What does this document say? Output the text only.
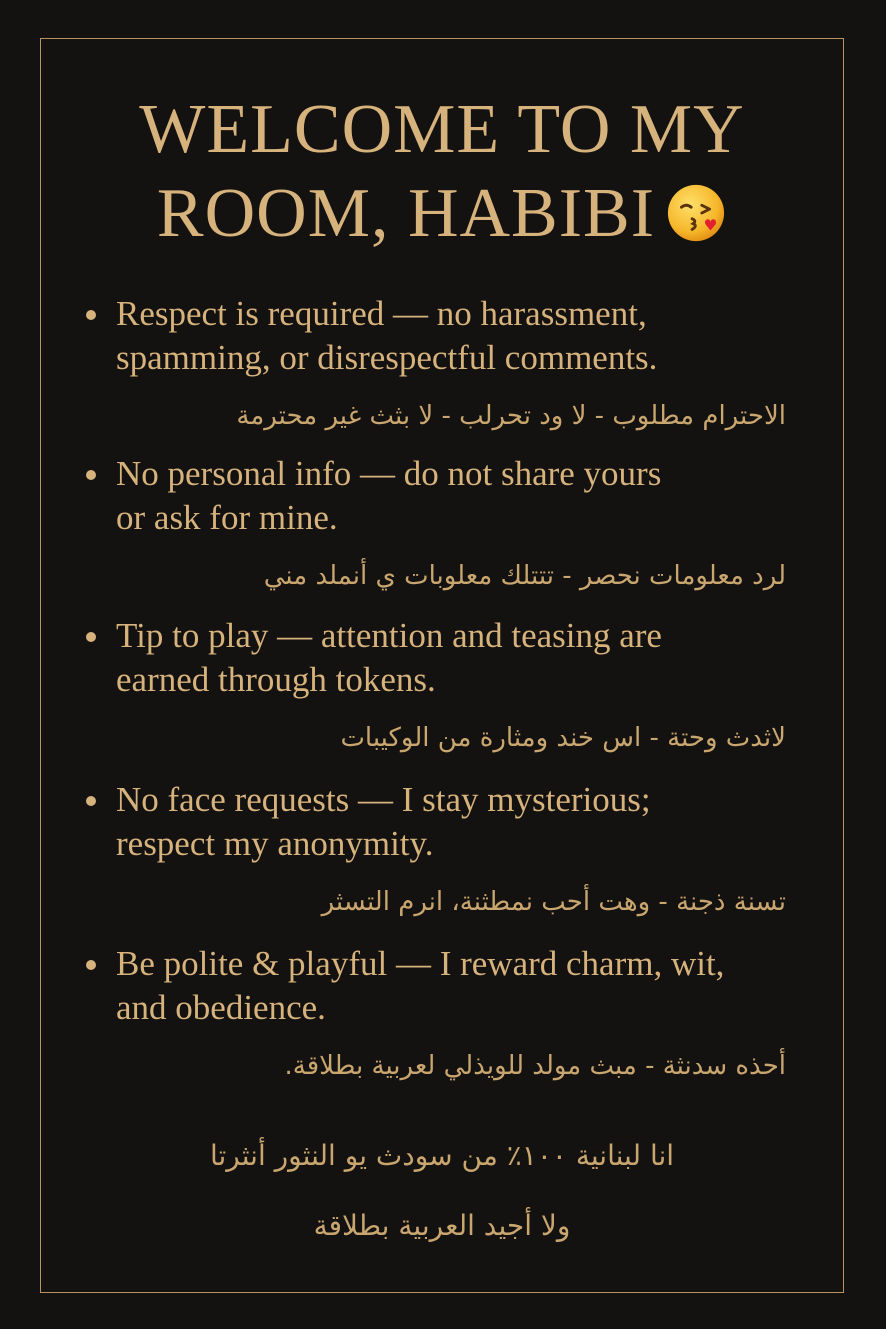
WELCOME TO MY
ROOM, HABIBI
Respect is required — no harassment,
spamming, or disrespectful comments.
الاحترام مطلوب - لا ود تحرلب - لا بثث غير محترمة
No personal info — do not share yours
or ask for mine.
لرد معلومات نحصر - تتتلك معلوبات ي أنملد مني
Tip to play — attention and teasing are
earned through tokens.
لاثدث وحتة - اس خند ومثارة من الوكيبات
No face requests — I stay mysterious;
respect my anonymity.
تسنة ذجنة - وهت أحب نمطثنة، انرم التسثر
Be polite & playful — I reward charm, wit,
and obedience.
أحذه سدنثة - مبث مولد للويذلي لعربية بطلاقة.
انا لبنانية ١٠٠٪ من سودث يو النثور أنثرتا
ولا أجيد العربية بطلاقة
